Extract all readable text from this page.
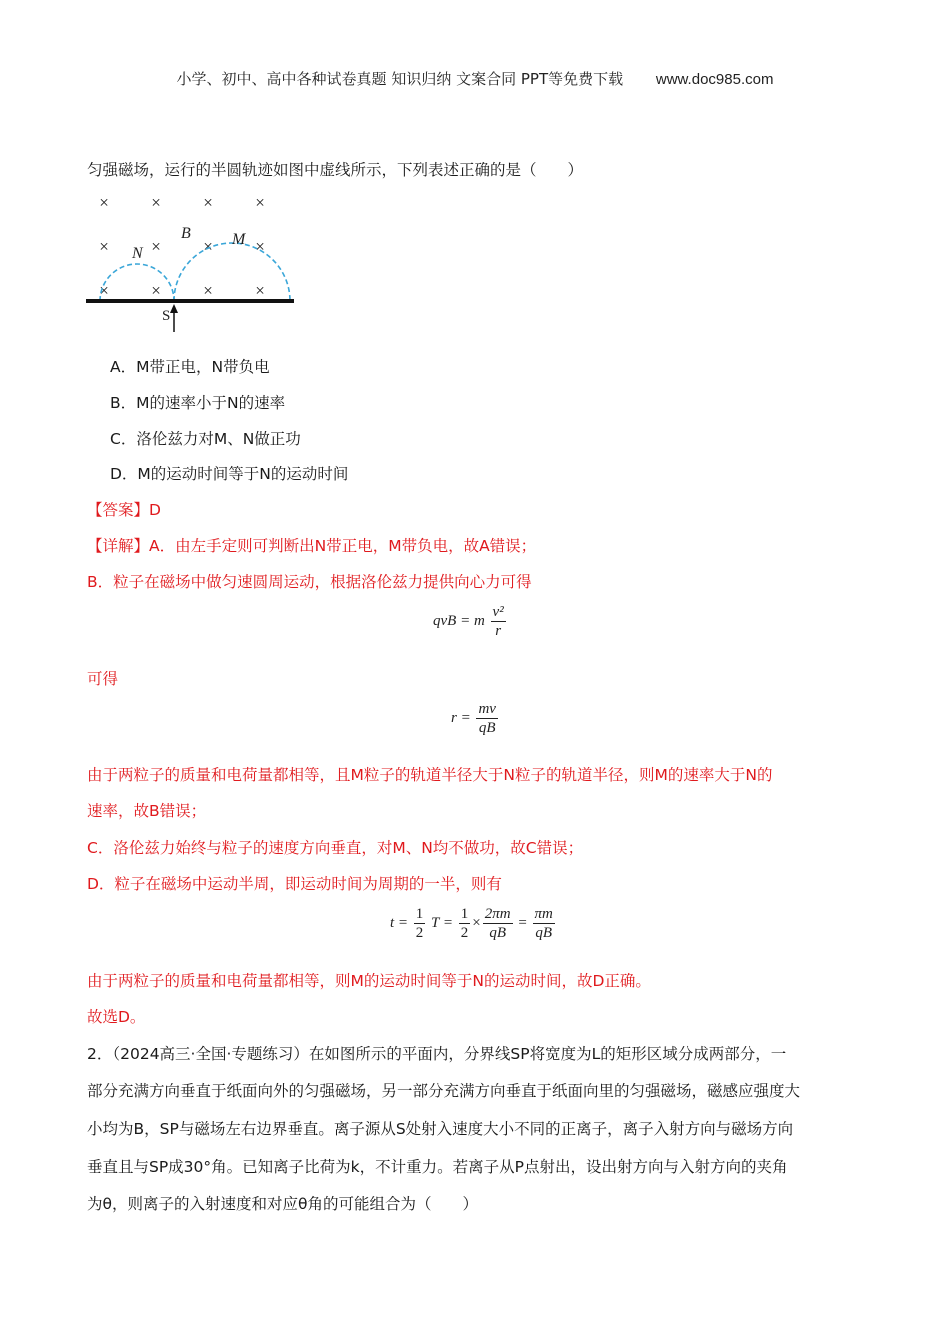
小学、初中、高中各种试卷真题 知识归纳 文案合同 PPT等免费下载 www.doc985.com
匀强磁场，运行的半圆轨迹如图中虚线所示，下列表述正确的是（　　）
× × × ×
× × × ×
× × × ×
B	M
N
S
A．M带正电，N带负电
B．M的速率小于N的速率
C．洛伦兹力对M、N做正功
D．M的运动时间等于N的运动时间
【答案】D
【详解】A．由左手定则可判断出N带正电，M带负电，故A错误；
B．粒子在磁场中做匀速圆周运动，根据洛伦兹力提供向心力可得
qvB = m $\frac{\text{v²}}{r}$
可得
$r = \frac{mv}{qB}$
由于两粒子的质量和电荷量都相等，且M粒子的轨道半径大于N粒子的轨道半径，则M的速率大于N的
速率，故B错误；
C．洛伦兹力始终与粒子的速度方向垂直，对M、N均不做功，故C错误；
D．粒子在磁场中运动半周，即运动时间为周期的一半，则有
$t = \frac{1}{2}$ $T = \frac{1}{2} \times \frac{2\pi m}{qB} = \frac{\pi m}{qB}$
由于两粒子的质量和电荷量都相等，则M的运动时间等于N的运动时间，故D正确。
故选D。
2．（2024高三·全国·专题练习）在如图所示的平面内，分界线SP将宽度为L的矩形区域分成两部分，一
部分充满方向垂直于纸面向外的匀强磁场，另一部分充满方向垂直于纸面向里的匀强磁场，磁感应强度大
小均为B，SP与磁场左右边界垂直。离子源从S处射入速度大小不同的正离子，离子入射方向与磁场方向
垂直且与SP成30°角。已知离子比荷为k，不计重力。若离子从P点射出，设出射方向与入射方向的夹角
为θ，则离子的入射速度和对应θ角的可能组合为（　　）
